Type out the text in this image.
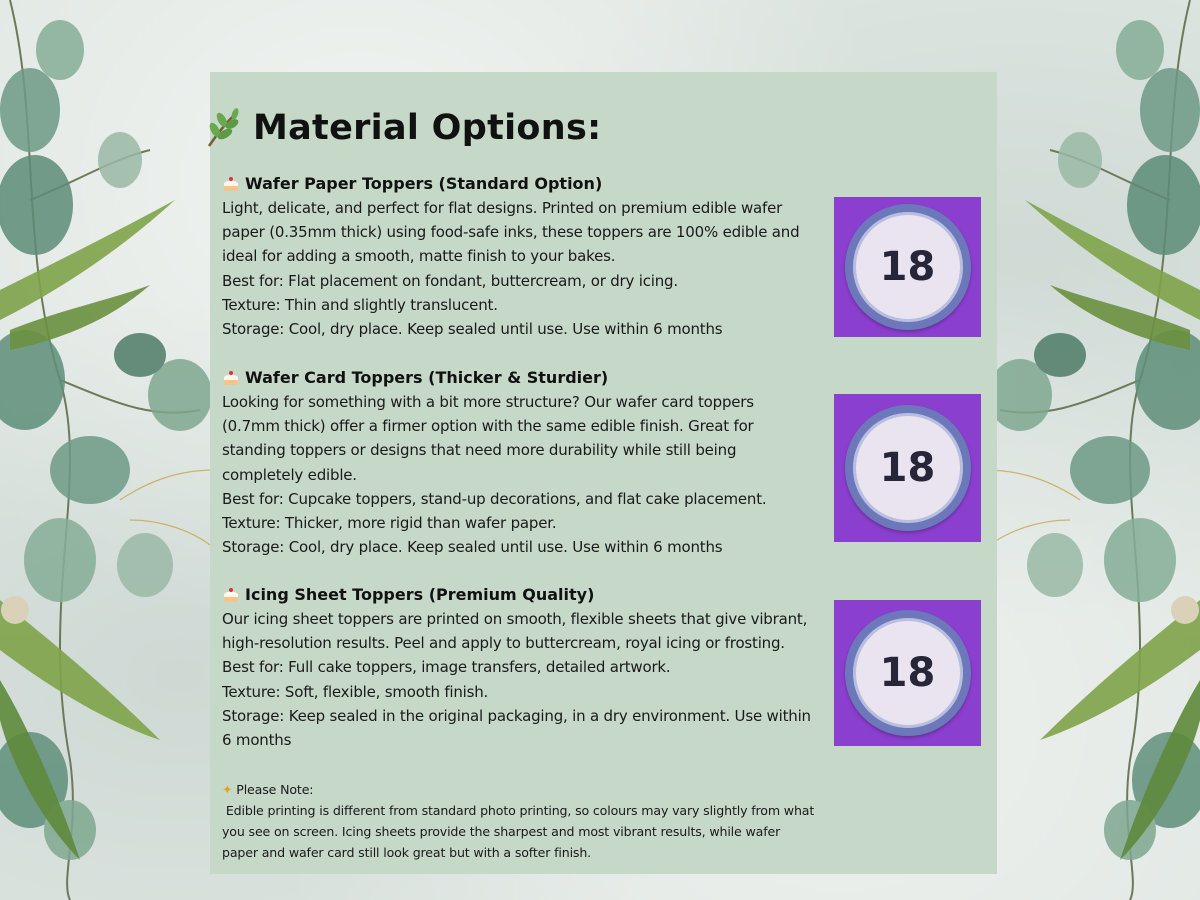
Material Options:
Wafer Paper Toppers (Standard Option)
Light, delicate, and perfect for flat designs. Printed on premium edible wafer
paper (0.35mm thick) using food-safe inks, these toppers are 100% edible and
ideal for adding a smooth, matte finish to your bakes.
Best for: Flat placement on fondant, buttercream, or dry icing.
Texture: Thin and slightly translucent.
Storage: Cool, dry place. Keep sealed until use. Use within 6 months
18
Wafer Card Toppers (Thicker & Sturdier)
Looking for something with a bit more structure? Our wafer card toppers
(0.7mm thick) offer a firmer option with the same edible finish. Great for
standing toppers or designs that need more durability while still being
completely edible.
Best for: Cupcake toppers, stand-up decorations, and flat cake placement.
Texture: Thicker, more rigid than wafer paper.
Storage: Cool, dry place. Keep sealed until use. Use within 6 months
18
Icing Sheet Toppers (Premium Quality)
Our icing sheet toppers are printed on smooth, flexible sheets that give vibrant,
high-resolution results. Peel and apply to buttercream, royal icing or frosting.
Best for: Full cake toppers, image transfers, detailed artwork.
Texture: Soft, flexible, smooth finish.
Storage: Keep sealed in the original packaging, in a dry environment. Use within
6 months
18
✦ Please Note:
Edible printing is different from standard photo printing, so colours may vary slightly from what
you see on screen. Icing sheets provide the sharpest and most vibrant results, while wafer
paper and wafer card still look great but with a softer finish.
